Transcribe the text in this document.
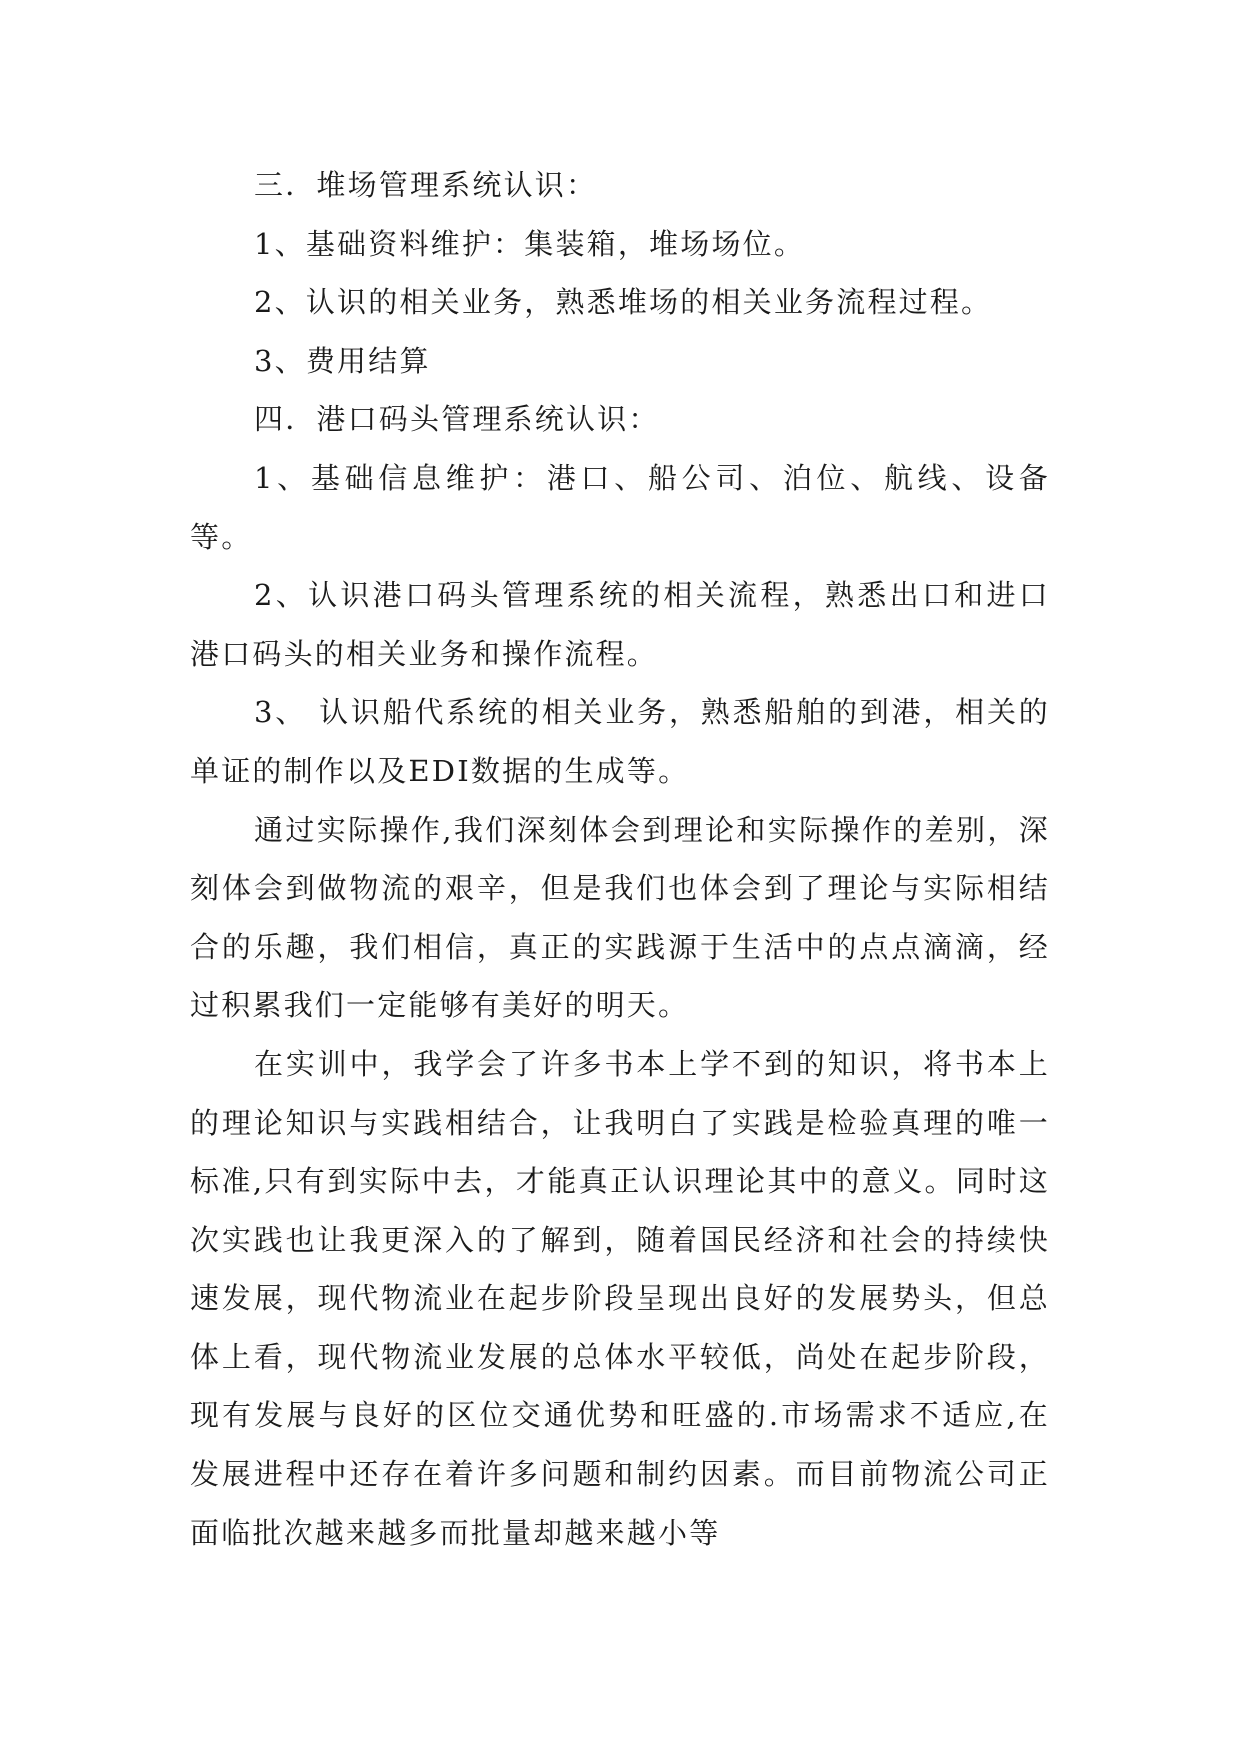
三．堆场管理系统认识：

1、基础资料维护：集装箱，堆场场位。

2、认识的相关业务，熟悉堆场的相关业务流程过程。

3、费用结算

四．港口码头管理系统认识：

1、基础信息维护：港口、船公司、泊位、航线、设备等。

2、认识港口码头管理系统的相关流程，熟悉出口和进口港口码头的相关业务和操作流程。

3、 认识船代系统的相关业务，熟悉船舶的到港，相关的单证的制作以及EDI数据的生成等。

通过实际操作,我们深刻体会到理论和实际操作的差别，深刻体会到做物流的艰辛，但是我们也体会到了理论与实际相结合的乐趣，我们相信，真正的实践源于生活中的点点滴滴，经过积累我们一定能够有美好的明天。

在实训中，我学会了许多书本上学不到的知识，将书本上的理论知识与实践相结合，让我明白了实践是检验真理的唯一标准,只有到实际中去，才能真正认识理论其中的意义。同时这次实践也让我更深入的了解到，随着国民经济和社会的持续快速发展，现代物流业在起步阶段呈现出良好的发展势头，但总体上看，现代物流业发展的总体水平较低，尚处在起步阶段，现有发展与良好的区位交通优势和旺盛的.市场需求不适应,在发展进程中还存在着许多问题和制约因素。而目前物流公司正面临批次越来越多而批量却越来越小等
